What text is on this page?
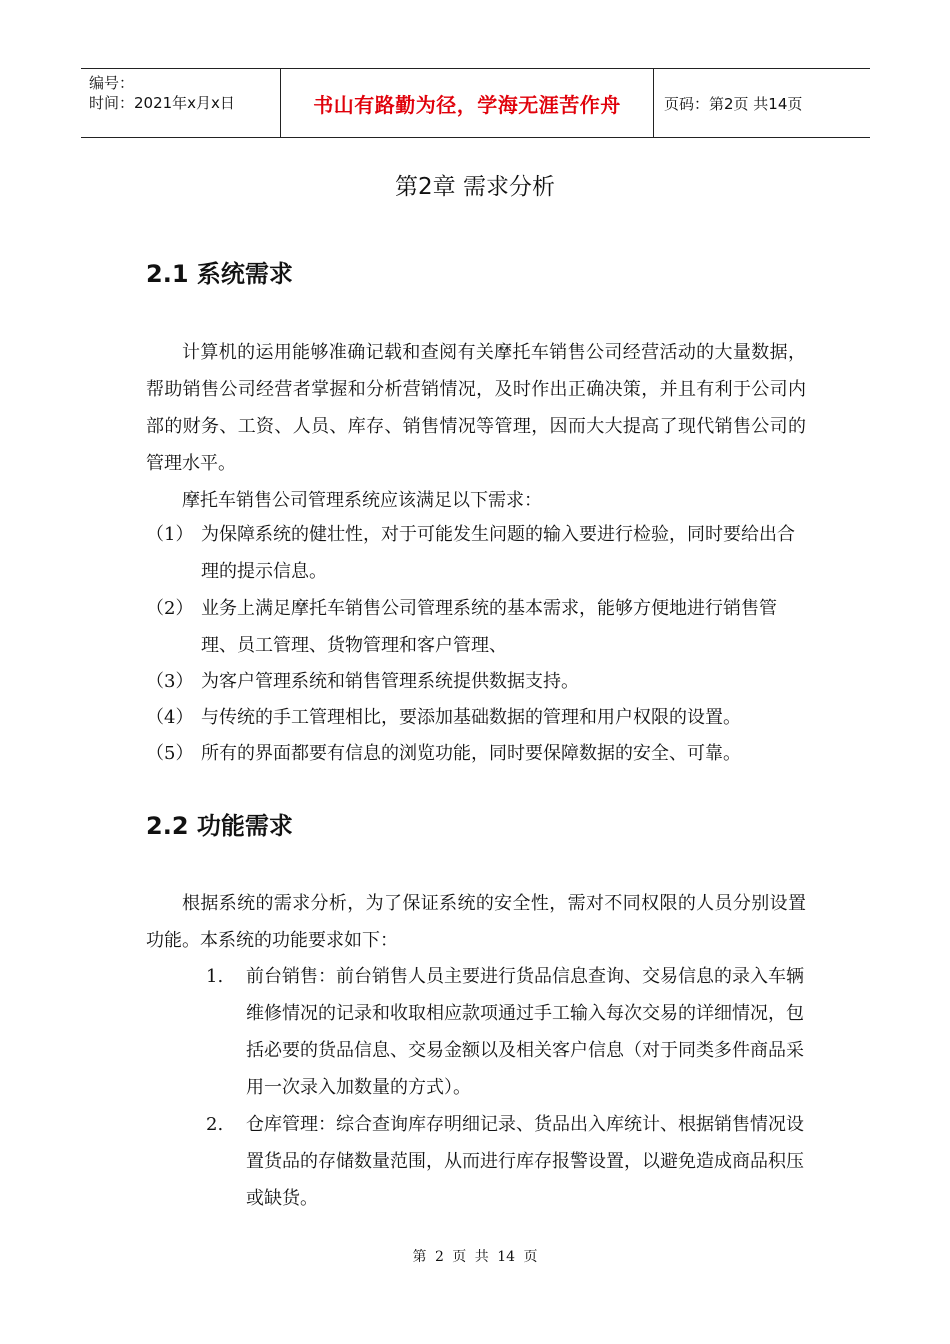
编号：
时间：2021年x月x日	书山有路勤为径，学海无涯苦作舟	页码：第2页 共14页
第2章 需求分析
2.1 系统需求

计算机的运用能够准确记载和查阅有关摩托车销售公司经营活动的大量数据，帮助销售公司经营者掌握和分析营销情况，及时作出正确决策，并且有利于公司内部的财务、工资、人员、库存、销售情况等管理，因而大大提高了现代销售公司的管理水平。

摩托车销售公司管理系统应该满足以下需求：

（1） 为保障系统的健壮性，对于可能发生问题的输入要进行检验，同时要给出合理的提示信息。
（2） 业务上满足摩托车销售公司管理系统的基本需求，能够方便地进行销售管理、员工管理、货物管理和客户管理、
（3） 为客户管理系统和销售管理系统提供数据支持。
（4） 与传统的手工管理相比，要添加基础数据的管理和用户权限的设置。
（5） 所有的界面都要有信息的浏览功能，同时要保障数据的安全、可靠。
2.2 功能需求

根据系统的需求分析，为了保证系统的安全性，需对不同权限的人员分别设置功能。本系统的功能要求如下：

1. 前台销售：前台销售人员主要进行货品信息查询、交易信息的录入车辆维修情况的记录和收取相应款项通过手工输入每次交易的详细情况，包括必要的货品信息、交易金额以及相关客户信息（对于同类多件商品采用一次录入加数量的方式）。
2. 仓库管理：综合查询库存明细记录、货品出入库统计、根据销售情况设置货品的存储数量范围，从而进行库存报警设置，以避免造成商品积压或缺货。
第 2 页 共 14 页
